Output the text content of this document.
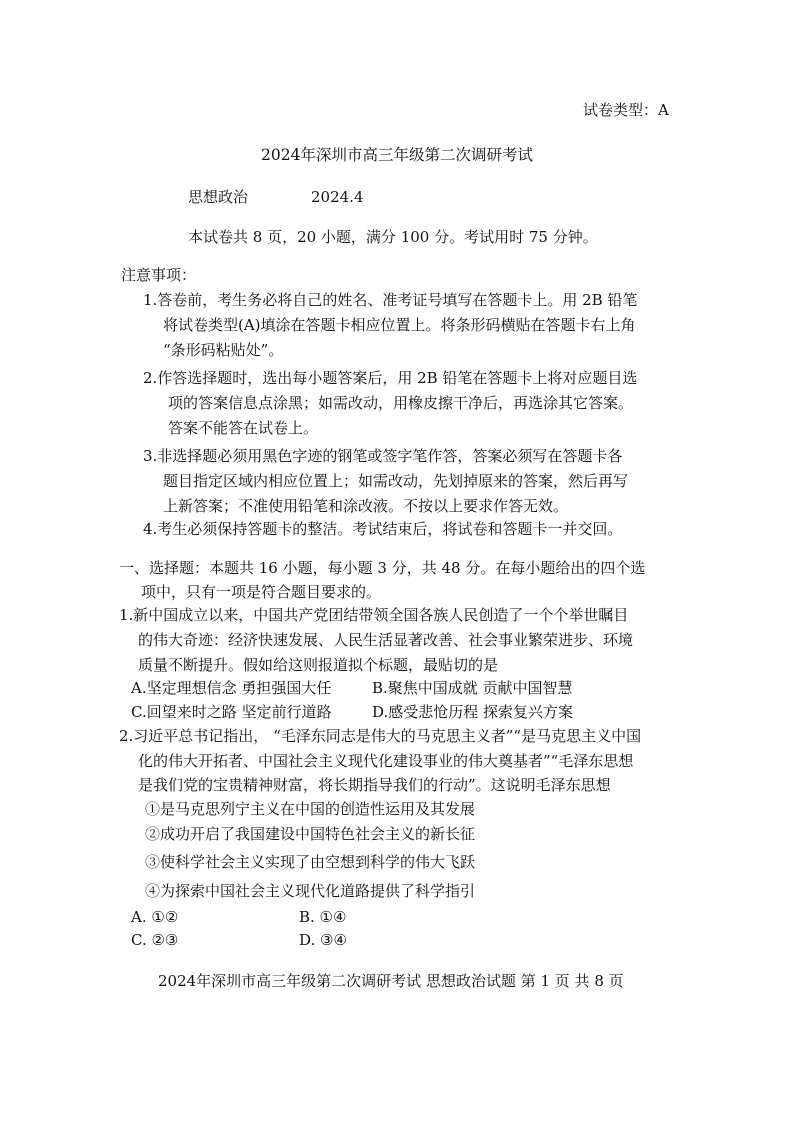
试卷类型：A
2024年深圳市高三年级第二次调研考试
思想政治	2024.4
本试卷共 8 页，20 小题，满分 100 分。考试用时 75 分钟。
注意事项：
1.答卷前，考生务必将自己的姓名、准考证号填写在答题卡上。用 2B 铅笔
将试卷类型(A)填涂在答题卡相应位置上。将条形码横贴在答题卡右上角
“条形码粘贴处”。
2.作答选择题时，选出每小题答案后，用 2B 铅笔在答题卡上将对应题目选
项的答案信息点涂黑；如需改动，用橡皮擦干净后，再选涂其它答案。
答案不能答在试卷上。
3.非选择题必须用黑色字迹的钢笔或签字笔作答，答案必须写在答题卡各
题目指定区域内相应位置上；如需改动，先划掉原来的答案，然后再写
上新答案；不准使用铅笔和涂改液。不按以上要求作答无效。
4.考生必须保持答题卡的整洁。考试结束后，将试卷和答题卡一并交回。
一、选择题：本题共 16 小题，每小题 3 分，共 48 分。在每小题给出的四个选
项中，只有一项是符合题目要求的。
1.新中国成立以来，中国共产党团结带领全国各族人民创造了一个个举世瞩目
的伟大奇迹：经济快速发展、人民生活显著改善、社会事业繁荣进步、环境
质量不断提升。假如给这则报道拟个标题，最贴切的是
A.坚定理想信念 勇担强国大任	B.聚焦中国成就 贡献中国智慧
C.回望来时之路 坚定前行道路	D.感受悲怆历程 探索复兴方案
2.习近平总书记指出， “毛泽东同志是伟大的马克思主义者”“是马克思主义中国
化的伟大开拓者、中国社会主义现代化建设事业的伟大奠基者”“毛泽东思想
是我们党的宝贵精神财富，将长期指导我们的行动”。这说明毛泽东思想
①是马克思列宁主义在中国的创造性运用及其发展
②成功开启了我国建设中国特色社会主义的新长征
③使科学社会主义实现了由空想到科学的伟大飞跃
④为探索中国社会主义现代化道路提供了科学指引
A. ①②	B. ①④
C. ②③	D. ③④
2024年深圳市高三年级第二次调研考试 思想政治试题 第 1 页 共 8 页
